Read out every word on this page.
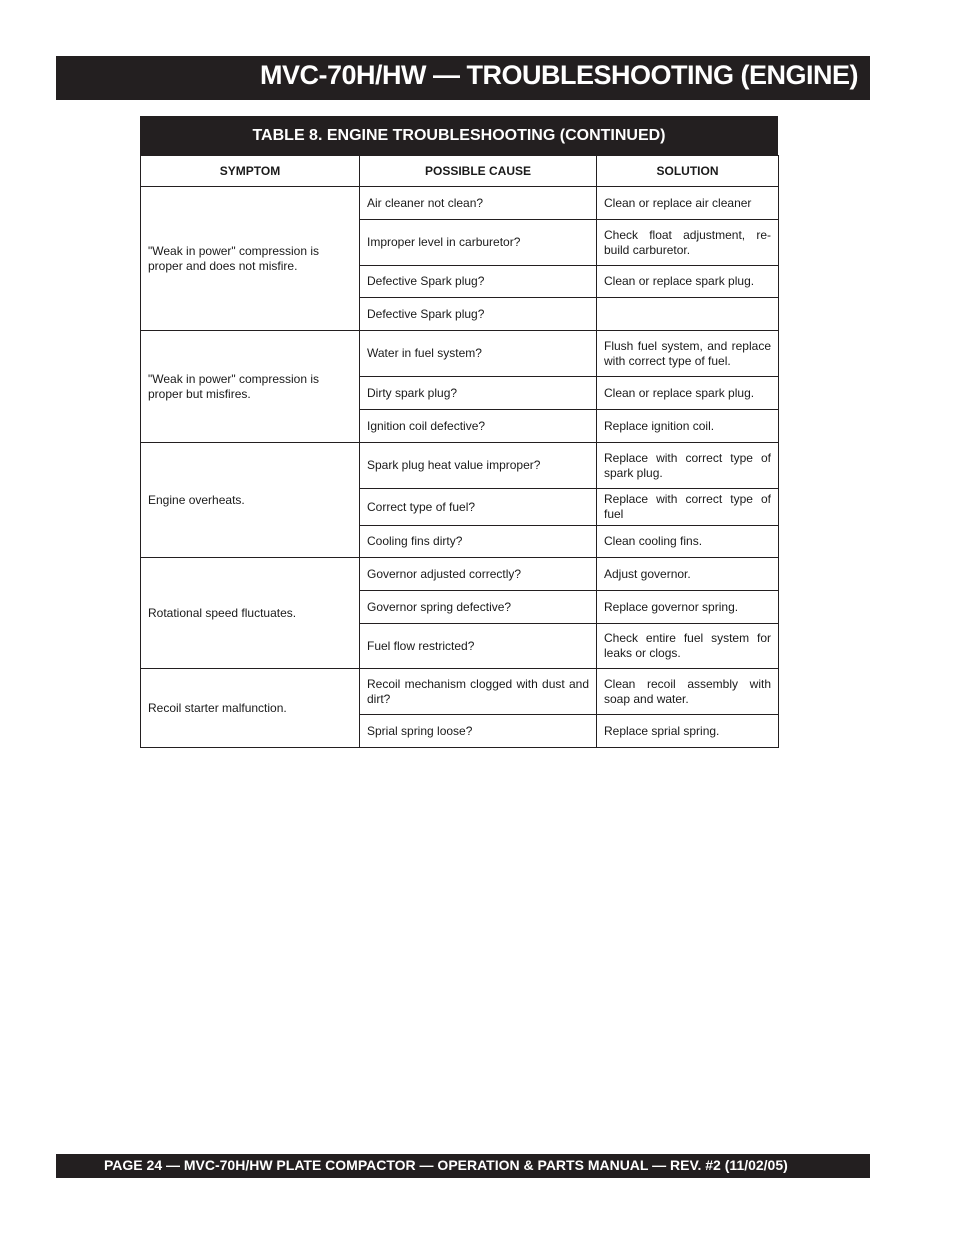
MVC-70H/HW — TROUBLESHOOTING (ENGINE)
TABLE 8. ENGINE TROUBLESHOOTING (CONTINUED)
SYMPTOM	POSSIBLE CAUSE	SOLUTION
"Weak in power" compression is proper and does not misfire.	Air cleaner not clean?	Clean or replace air cleaner
	Improper level in carburetor?	Check float adjustment, re-build carburetor.
	Defective Spark plug?	Clean or replace spark plug.
	Defective Spark plug?	
"Weak in power" compression is proper but misfires.	Water in fuel system?	Flush fuel system, and replace with correct type of fuel.
	Dirty spark plug?	Clean or replace spark plug.
	Ignition coil defective?	Replace ignition coil.
Engine overheats.	Spark plug heat value improper?	Replace with correct type of spark plug.
	Correct type of fuel?	Replace with correct type of fuel
	Cooling fins dirty?	Clean cooling fins.
Rotational speed fluctuates.	Governor adjusted correctly?	Adjust governor.
	Governor spring defective?	Replace governor spring.
	Fuel flow restricted?	Check entire fuel system for leaks or clogs.
Recoil starter malfunction.	Recoil mechanism clogged with dust and dirt?	Clean recoil assembly with soap and water.
	Sprial spring loose?	Replace sprial spring.
PAGE 24 — MVC-70H/HW PLATE COMPACTOR — OPERATION & PARTS MANUAL — REV. #2 (11/02/05)
